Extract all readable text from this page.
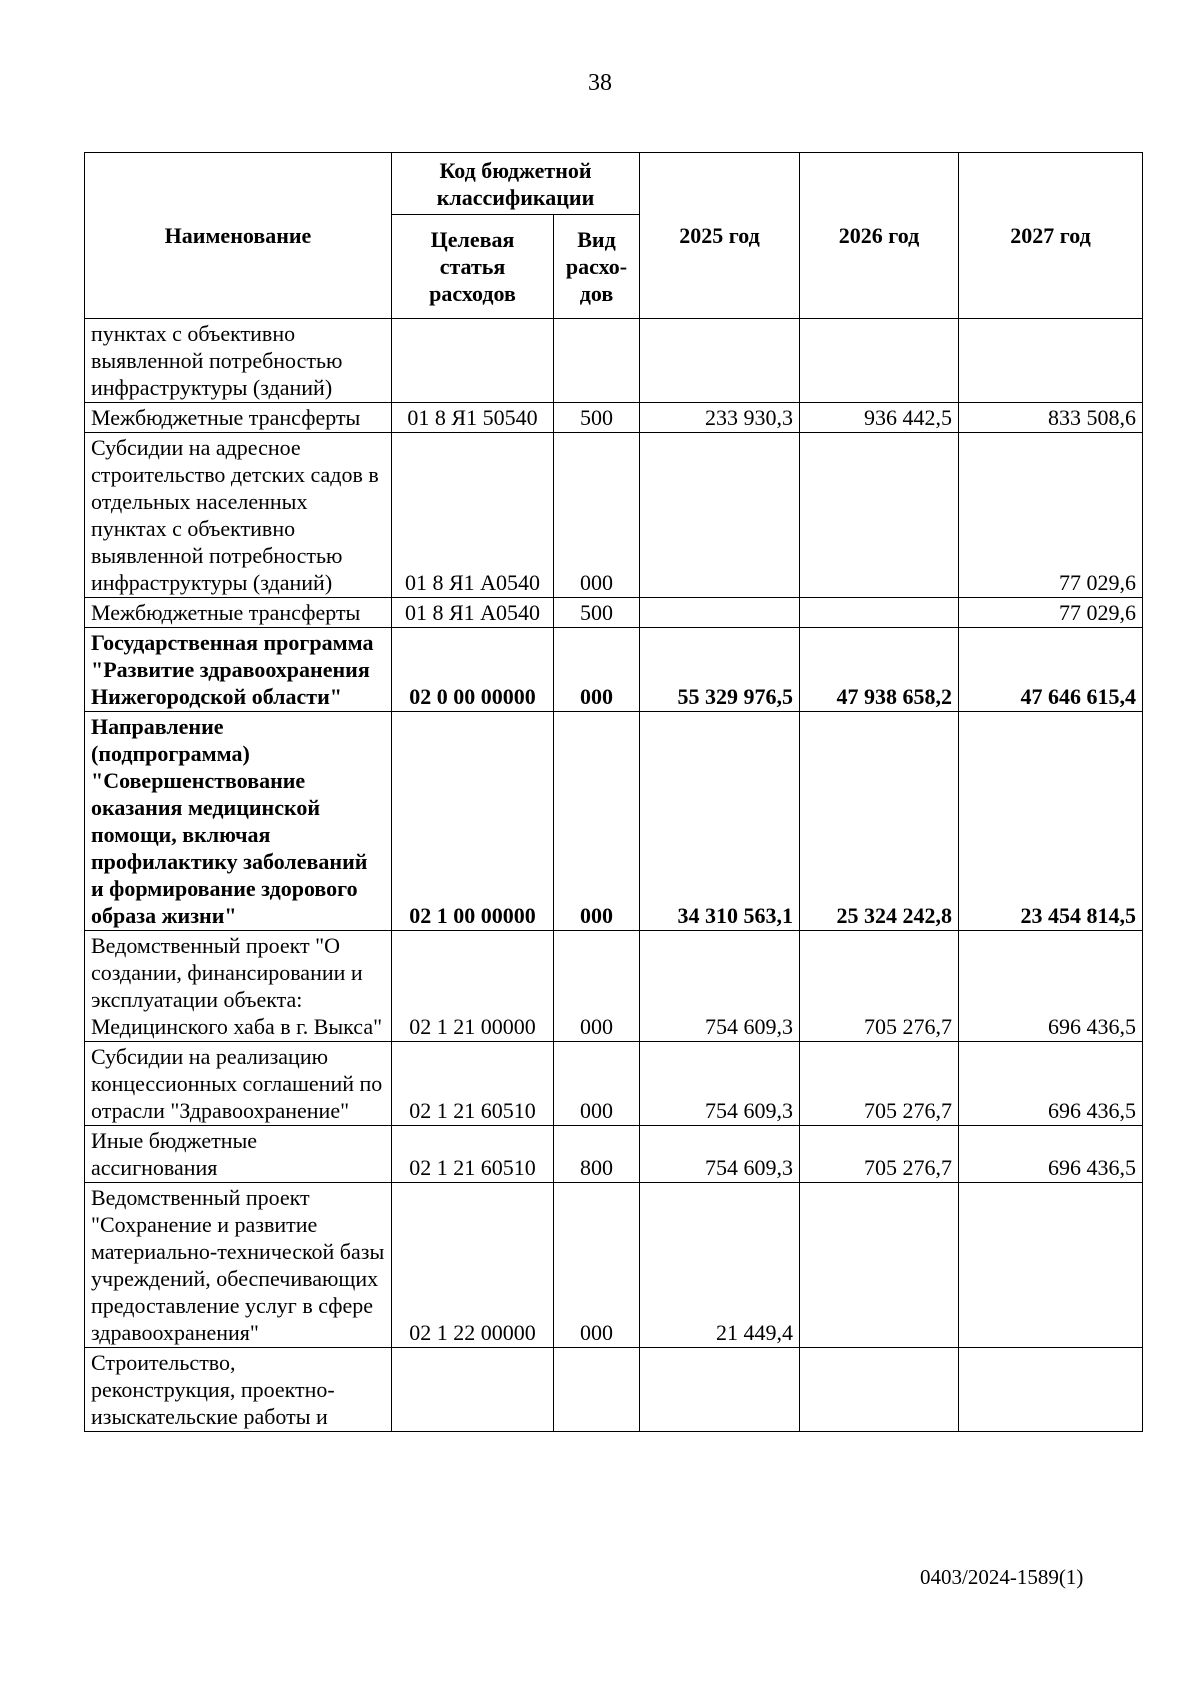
38
Наименование	Код бюджетной классификации		2025 год	2026 год	2027 год
	Целевая статья расходов	Вид расхо-дов			
пунктах с объективно выявленной потребностью инфраструктуры (зданий)					
Межбюджетные трансферты	01 8 Я1 50540	500	233 930,3	936 442,5	833 508,6
Субсидии на адресное строительство детских садов в отдельных населенных пунктах с объективно выявленной потребностью инфраструктуры (зданий)	01 8 Я1 А0540	000			77 029,6
Межбюджетные трансферты	01 8 Я1 А0540	500			77 029,6
Государственная программа "Развитие здравоохранения Нижегородской области"	02 0 00 00000	000	55 329 976,5	47 938 658,2	47 646 615,4
Направление (подпрограмма) "Совершенствование оказания медицинской помощи, включая профилактику заболеваний и формирование здорового образа жизни"	02 1 00 00000	000	34 310 563,1	25 324 242,8	23 454 814,5
Ведомственный проект "О создании, финансировании и эксплуатации объекта: Медицинского хаба в г. Выкса"	02 1 21 00000	000	754 609,3	705 276,7	696 436,5
Субсидии на реализацию концессионных соглашений по отрасли "Здравоохранение"	02 1 21 60510	000	754 609,3	705 276,7	696 436,5
Иные бюджетные ассигнования	02 1 21 60510	800	754 609,3	705 276,7	696 436,5
Ведомственный проект "Сохранение и развитие материально-технической базы учреждений, обеспечивающих предоставление услуг в сфере здравоохранения"	02 1 22 00000	000	21 449,4		
Строительство, реконструкция, проектно-изыскательские работы и					
0403/2024-1589(1)
